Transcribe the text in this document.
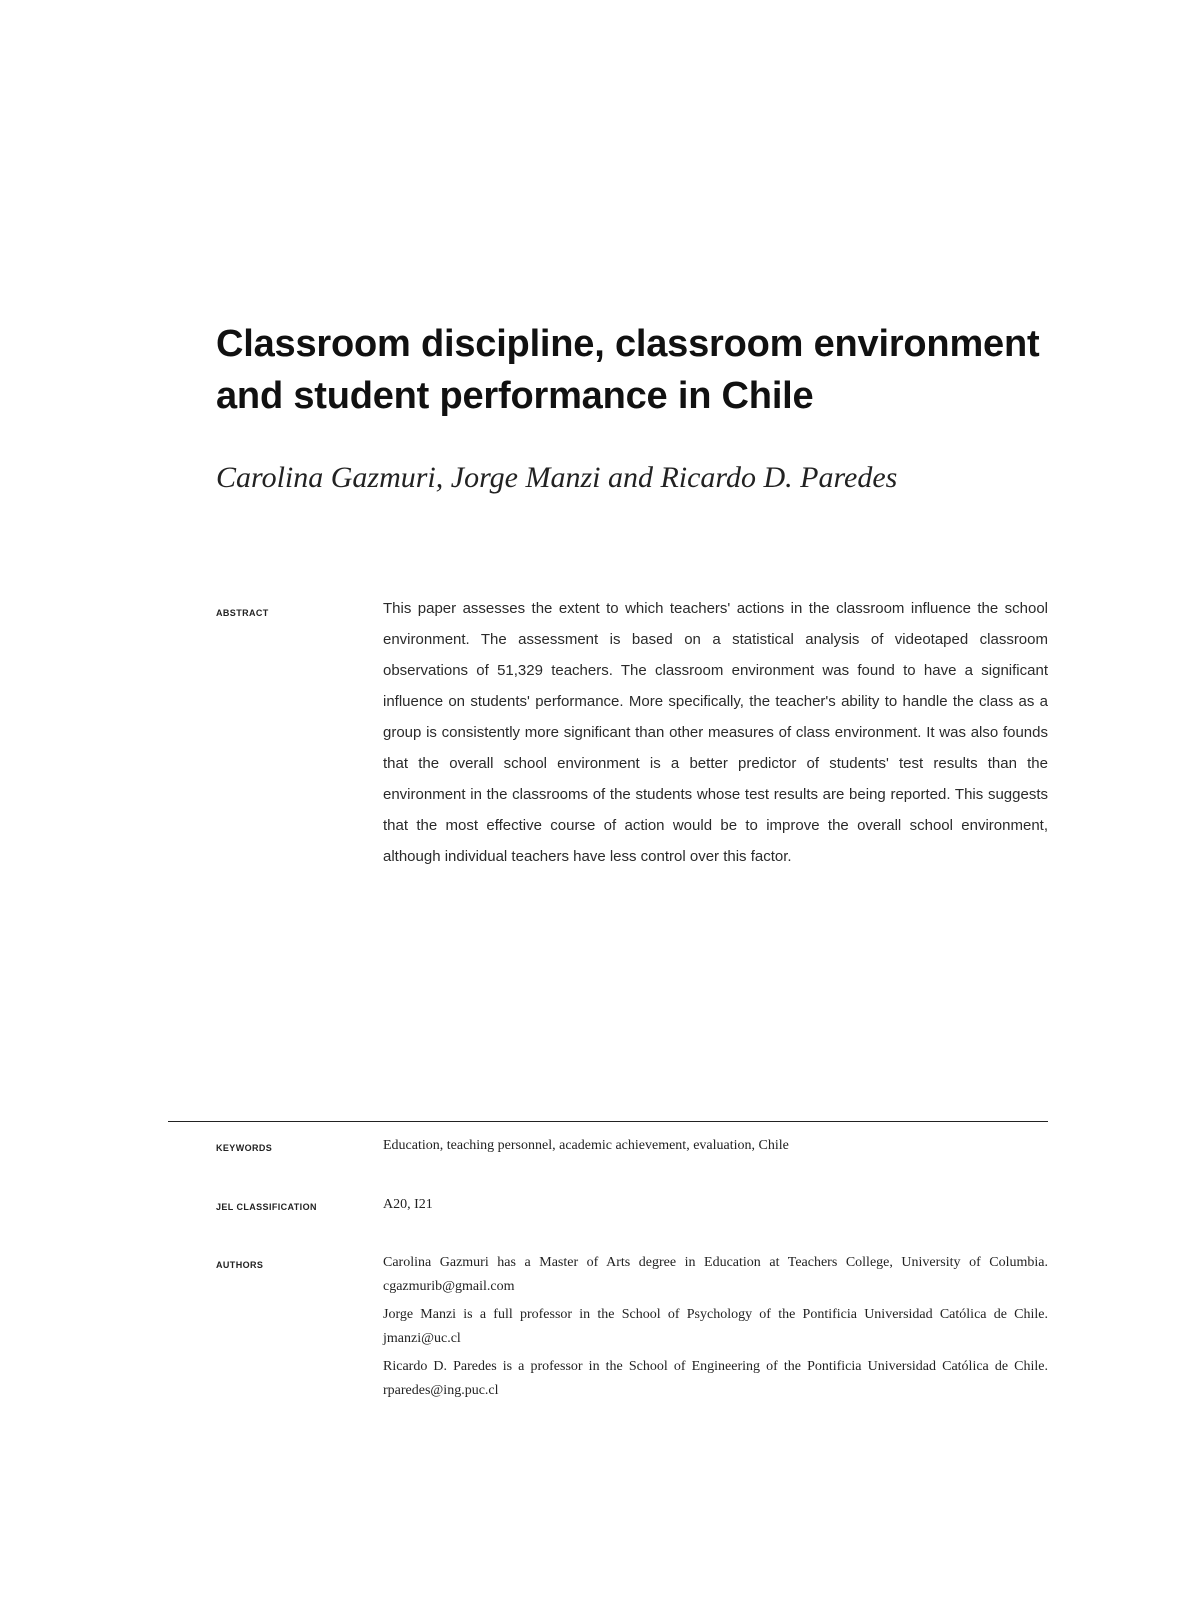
Classroom discipline, classroom environment
and student performance in Chile
Carolina Gazmuri, Jorge Manzi and Ricardo D. Paredes
ABSTRACT	This paper assesses the extent to which teachers' actions in the classroom influence the school environment. The assessment is based on a statistical analysis of videotaped classroom observations of 51,329 teachers. The classroom environment was found to have a significant influence on students' performance. More specifically, the teacher's ability to handle the class as a group is consistently more significant than other measures of class environment. It was also founds that the overall school environment is a better predictor of students' test results than the environment in the classrooms of the students whose test results are being reported. This suggests that the most effective course of action would be to improve the overall school environment, although individual teachers have less control over this factor.

KEYWORDS	Education, teaching personnel, academic achievement, evaluation, Chile
JEL CLASSIFICATION	A20, I21
AUTHORS	Carolina Gazmuri has a Master of Arts degree in Education at Teachers College, University of Columbia. cgazmurib@gmail.com
Jorge Manzi is a full professor in the School of Psychology of the Pontificia Universidad Católica de Chile. jmanzi@uc.cl
Ricardo D. Paredes is a professor in the School of Engineering of the Pontificia Universidad Católica de Chile. rparedes@ing.puc.cl
